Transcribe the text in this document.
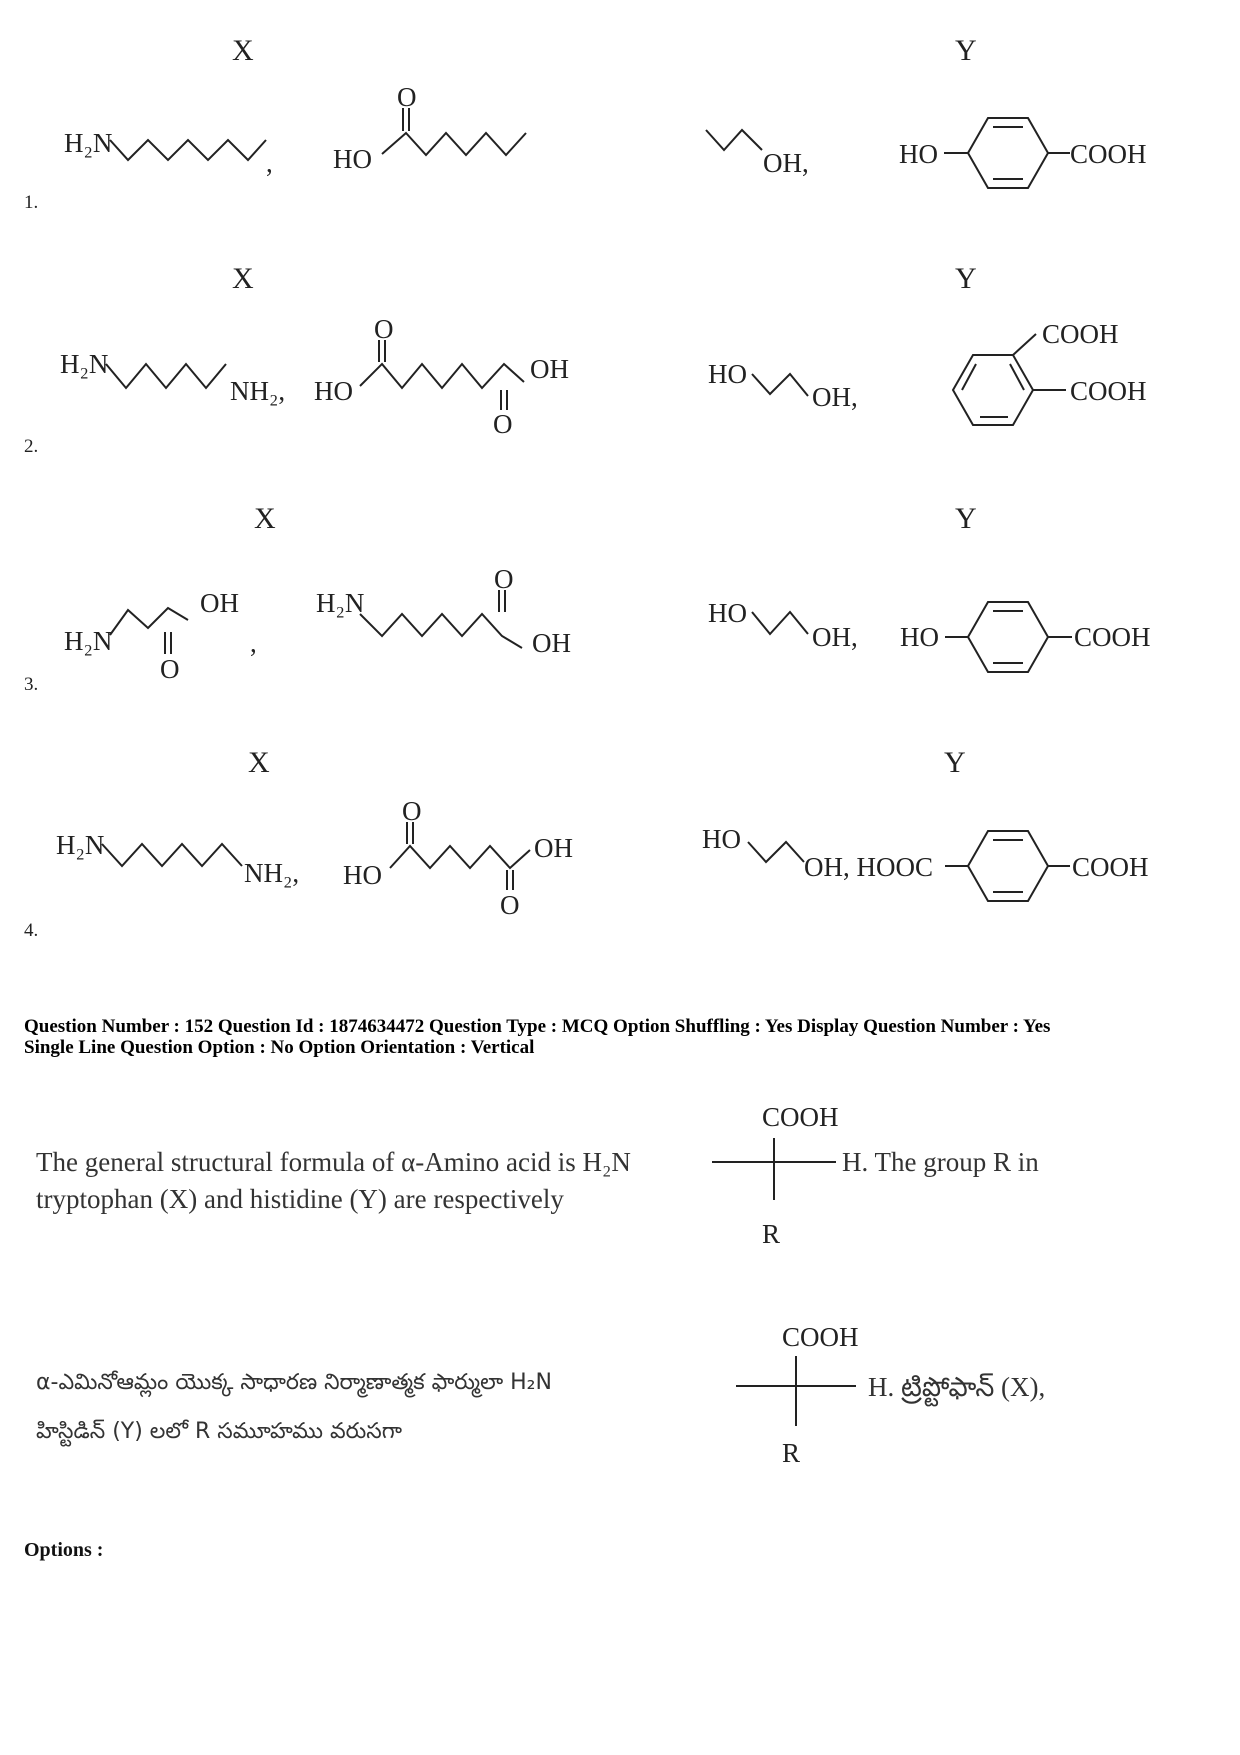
X	Y
1.
H₂N
, HO
O
OH,	HO	COOH
X	Y
2.
H₂N
NH₂, HO
O
OH
O
HO
OH,
COOH
COOH
X	Y
3.
H₂N
OH
O
,
H₂N
O
OH
HO
OH, HO	COOH
X	Y
4.
H₂N
NH₂, HO
O
OH
O
HO
OH, HOOC	COOH
Question Number : 152 Question Id : 1874634472 Question Type : MCQ Option Shuffling : Yes Display Question Number : Yes
Single Line Question Option : No Option Orientation : Vertical
The general structural formula of α-Amino acid is H₂N
tryptophan (X) and histidine (Y) are respectively
COOH
H. The group R in
R
α-ఎమినోఆమ్లం యొక్క సాధారణ నిర్మాణాత్మక ఫార్ములా H₂N
హిస్టిడిన్ (Y) లలో R సమూహము వరుసగా
COOH
H. ట్రిప్టోఫాన్ (X),
R
Options :
